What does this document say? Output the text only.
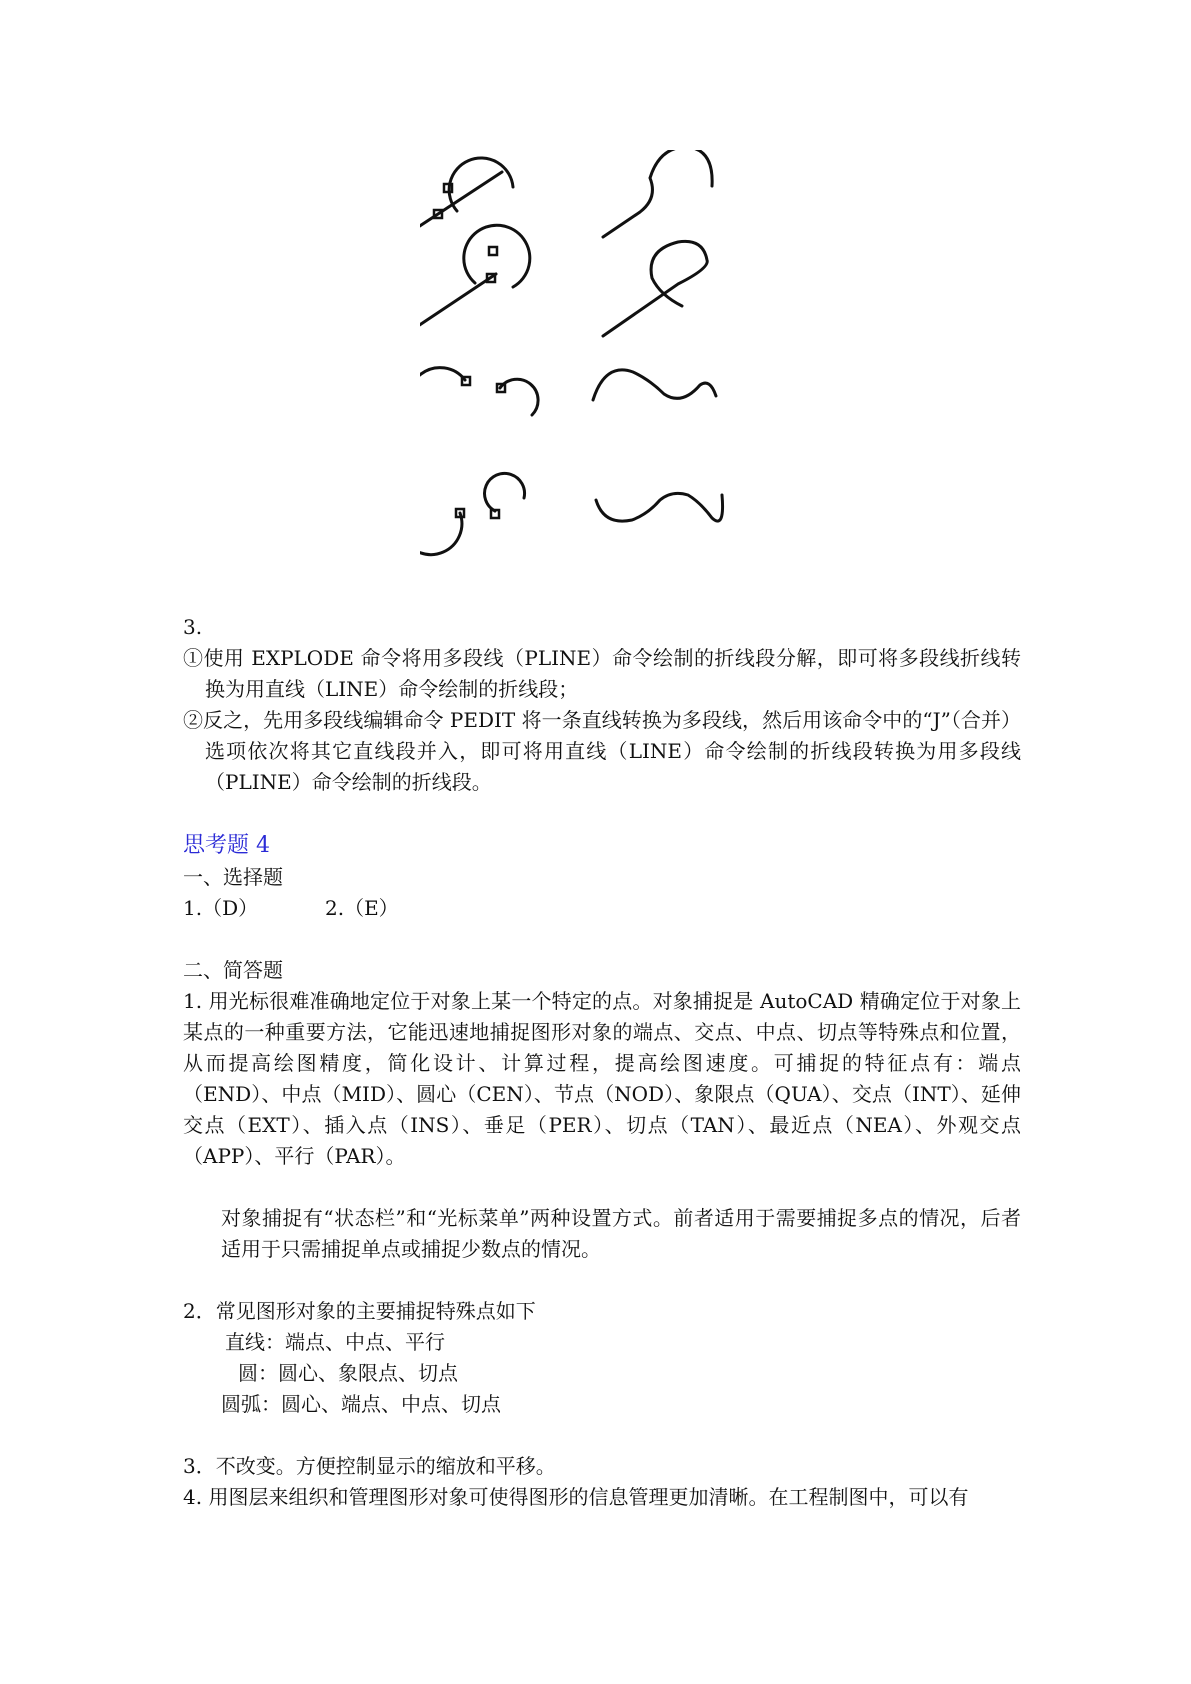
3.
①使用 EXPLODE 命令将用多段线（PLINE）命令绘制的折线段分解，即可将多段线折线转换为用直线（LINE）命令绘制的折线段；
②反之，先用多段线编辑命令 PEDIT 将一条直线转换为多段线，然后用该命令中的“J”（合并）选项依次将其它直线段并入，即可将用直线（LINE）命令绘制的折线段转换为用多段线（PLINE）命令绘制的折线段。
思考题 4
一、选择题
1.（D）	2.（E）
二、简答题
1. 用光标很难准确地定位于对象上某一个特定的点。对象捕捉是 AutoCAD 精确定位于对象上某点的一种重要方法，它能迅速地捕捉图形对象的端点、交点、中点、切点等特殊点和位置，从而提高绘图精度，简化设计、计算过程，提高绘图速度。可捕捉的特征点有：端点（END）、中点（MID）、圆心（CEN）、节点（NOD）、象限点（QUA）、交点（INT）、延伸交点（EXT）、插入点（INS）、垂足（PER）、切点（TAN）、最近点（NEA）、外观交点（APP）、平行（PAR）。
对象捕捉有“状态栏”和“光标菜单”两种设置方式。前者适用于需要捕捉多点的情况，后者适用于只需捕捉单点或捕捉少数点的情况。
2．常见图形对象的主要捕捉特殊点如下
直线：端点、中点、平行
圆：圆心、象限点、切点
圆弧：圆心、端点、中点、切点
3．不改变。方便控制显示的缩放和平移。
4. 用图层来组织和管理图形对象可使得图形的信息管理更加清晰。在工程制图中，可以有
